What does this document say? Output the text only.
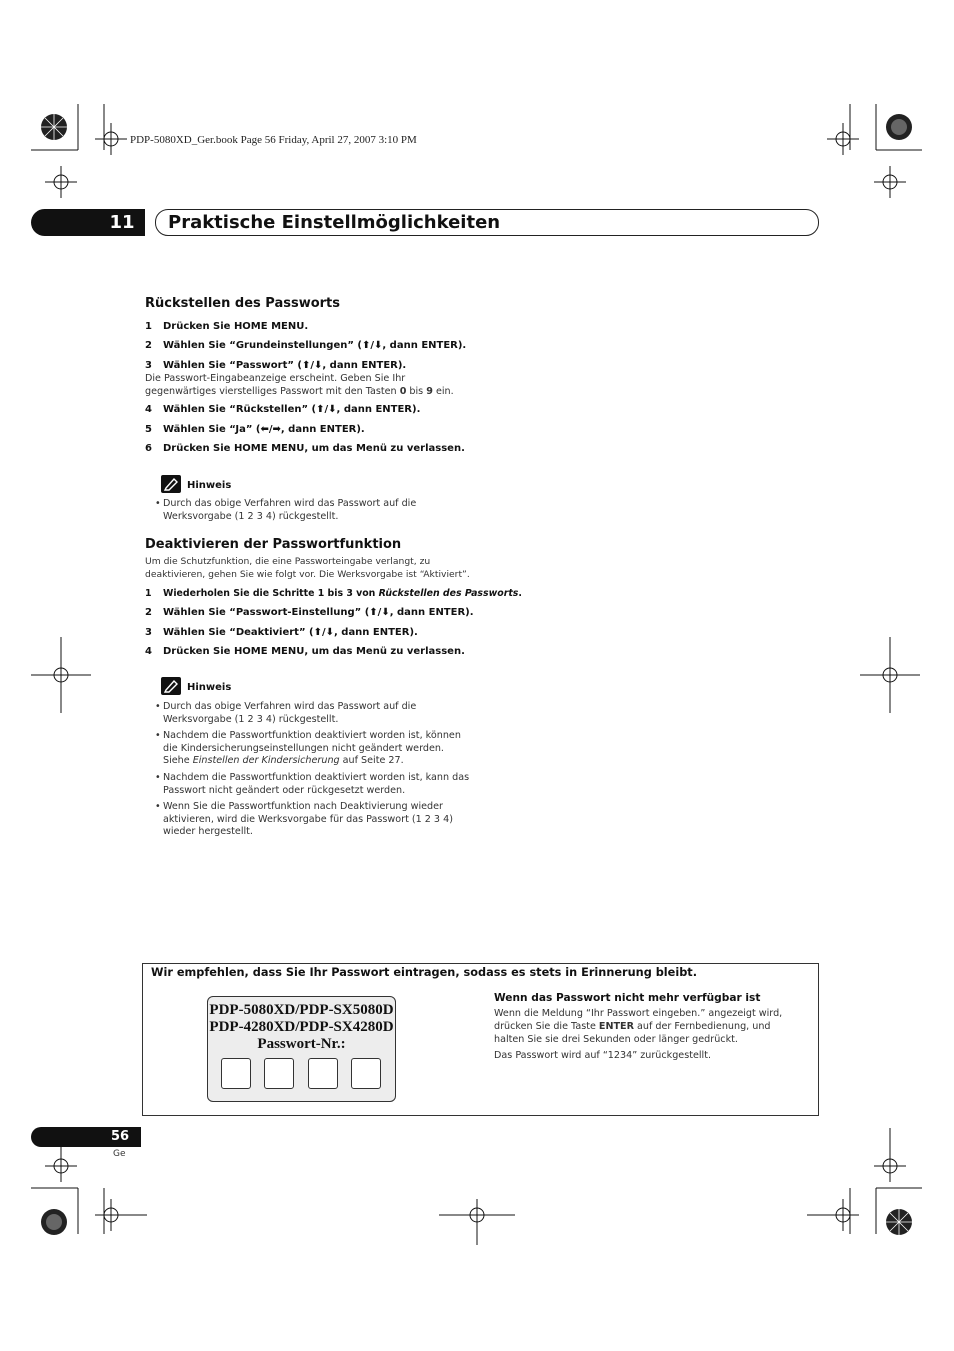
PDP-5080XD_Ger.book Page 56 Friday, April 27, 2007 3:10 PM
11	Praktische Einstellmöglichkeiten
Rückstellen des Passworts
1 Drücken Sie HOME MENU.
2 Wählen Sie “Grundeinstellungen” (⬆/⬇, dann ENTER).
3 Wählen Sie “Passwort” (⬆/⬇, dann ENTER).
Die Passwort-Eingabeanzeige erscheint. Geben Sie Ihr
gegenwärtiges vierstelliges Passwort mit den Tasten 0 bis 9 ein.
4 Wählen Sie “Rückstellen” (⬆/⬇, dann ENTER).
5 Wählen Sie “Ja” (⬅/➡, dann ENTER).
6 Drücken Sie HOME MENU, um das Menü zu verlassen.
Hinweis
• Durch das obige Verfahren wird das Passwort auf die
Werksvorgabe (1 2 3 4) rückgestellt.
Deaktivieren der Passwortfunktion
Um die Schutzfunktion, die eine Passworteingabe verlangt, zu
deaktivieren, gehen Sie wie folgt vor. Die Werksvorgabe ist “Aktiviert”.
1 Wiederholen Sie die Schritte 1 bis 3 von Rückstellen des Passworts.
2 Wählen Sie “Passwort-Einstellung” (⬆/⬇, dann ENTER).
3 Wählen Sie “Deaktiviert” (⬆/⬇, dann ENTER).
4 Drücken Sie HOME MENU, um das Menü zu verlassen.
Hinweis
• Durch das obige Verfahren wird das Passwort auf die
Werksvorgabe (1 2 3 4) rückgestellt.
• Nachdem die Passwortfunktion deaktiviert worden ist, können
die Kindersicherungseinstellungen nicht geändert werden.
Siehe Einstellen der Kindersicherung auf Seite 27.
• Nachdem die Passwortfunktion deaktiviert worden ist, kann das
Passwort nicht geändert oder rückgesetzt werden.
• Wenn Sie die Passwortfunktion nach Deaktivierung wieder
aktivieren, wird die Werksvorgabe für das Passwort (1 2 3 4)
wieder hergestellt.
Wir empfehlen, dass Sie Ihr Passwort eintragen, sodass es stets in Erinnerung bleibt.
PDP-5080XD/PDP-SX5080D
PDP-4280XD/PDP-SX4280D
Passwort-Nr.:
Wenn das Passwort nicht mehr verfügbar ist
Wenn die Meldung “Ihr Passwort eingeben.” angezeigt wird,
drücken Sie die Taste ENTER auf der Fernbedienung, und
halten Sie sie drei Sekunden oder länger gedrückt.
Das Passwort wird auf “1234” zurückgestellt.
56
Ge
